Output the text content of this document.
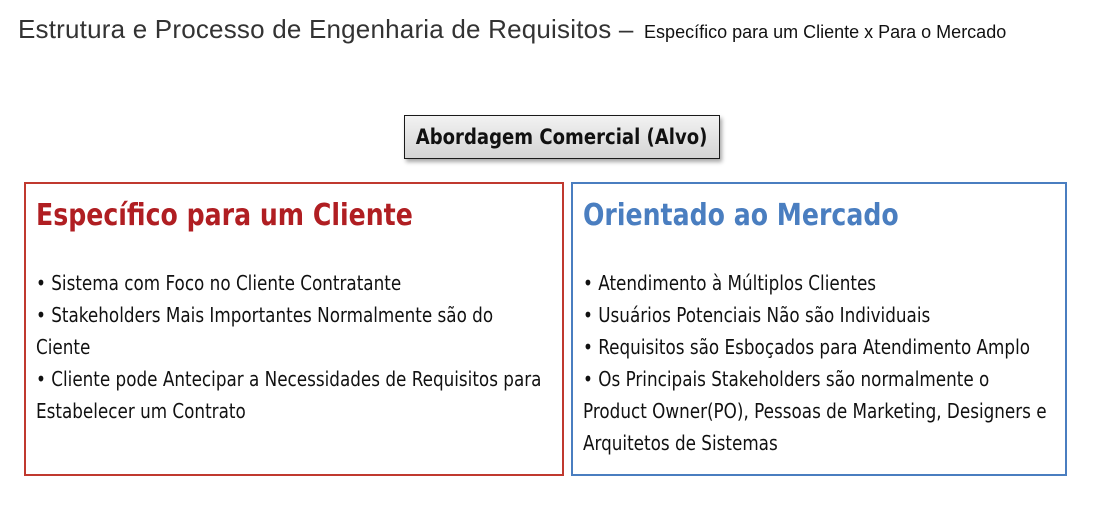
Estrutura e Processo de Engenharia de Requisitos – Específico para um Cliente x Para o Mercado
Abordagem Comercial (Alvo)
Específico para um Cliente
• Sistema com Foco no Cliente Contratante
• Stakeholders Mais Importantes Normalmente são do Ciente
• Cliente pode Antecipar a Necessidades de Requisitos para Estabelecer um Contrato
Orientado ao Mercado
• Atendimento à Múltiplos Clientes
• Usuários Potenciais Não são Individuais
• Requisitos são Esboçados para Atendimento Amplo
• Os Principais Stakeholders são normalmente o Product Owner(PO), Pessoas de Marketing, Designers e Arquitetos de Sistemas
